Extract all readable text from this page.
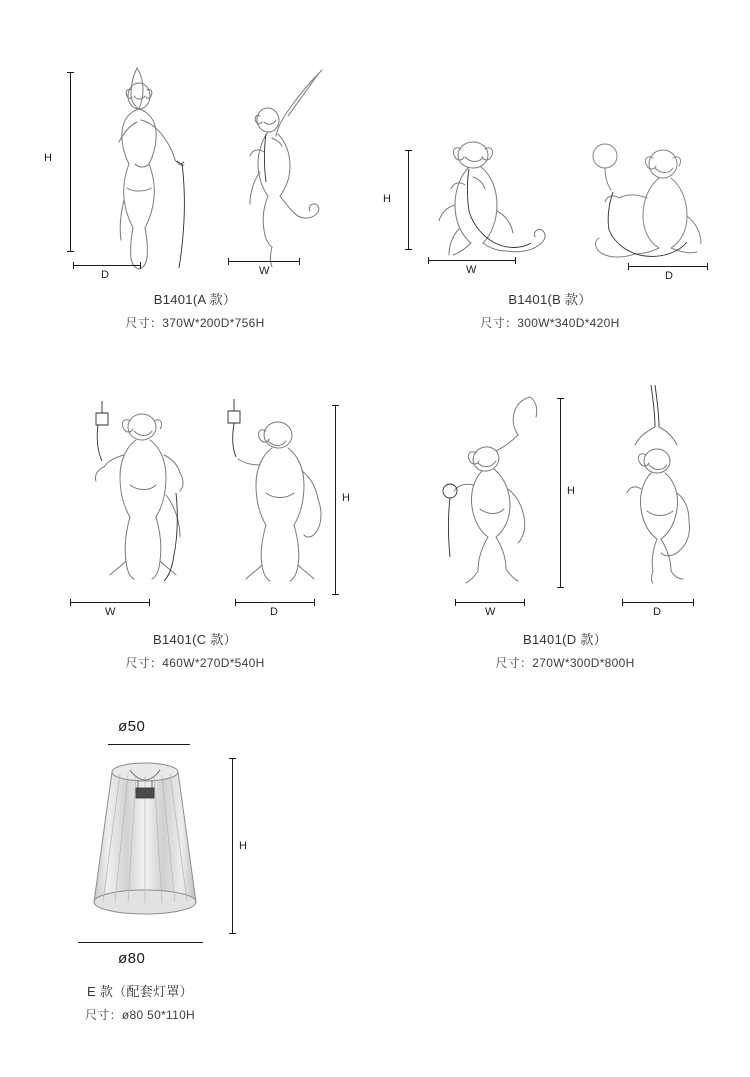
H
D	W
B1401(A 款）
尺寸：370W*200D*756H
H
W	D
B1401(B 款）
尺寸：300W*340D*420H
W	D
H
B1401(C 款）
尺寸：460W*270D*540H
W
H
D
B1401(D 款）
尺寸：270W*300D*800H
ø50
H
ø80
E 款（配套灯罩）
尺寸：ø80 50*110H
